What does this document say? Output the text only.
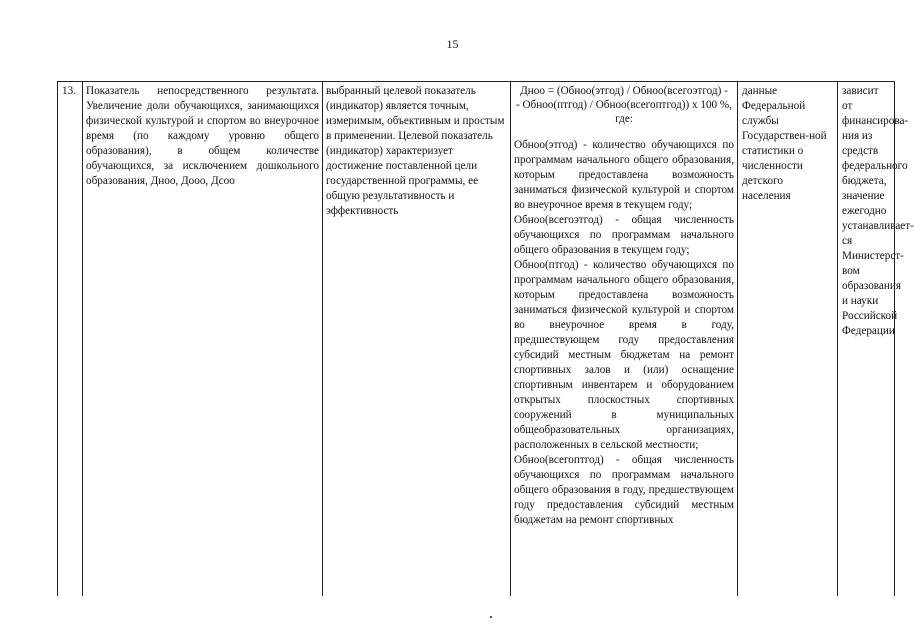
15
13. Показатель непосредственного результата. Увеличение доли обучающихся, занимающихся физической культурой и спортом во внеурочное время (по каждому уровню общего образования), в общем количестве обучающихся, за исключением дошкольного образования, Дноо, Дооо, Дсоо

выбранный целевой показатель (индикатор) является точным, измеримым, объективным и простым в применении. Целевой показатель (индикатор) характеризует достижение поставленной цели государственной программы, ее общую результативность и эффективность

Дноо = (Обноо(этгод) / Обноо(всегоэтгод) -
- Обноо(птгод) / Обноо(всегоптгод)) x 100 %,
где:

Обноо(этгод) - количество обучающихся по программам начального общего образования, которым предоставлена возможность заниматься физической культурой и спортом во внеурочное время в текущем году;

Обноо(всегоэтгод) - общая численность обучающихся по программам начального общего образования в текущем году;

Обноо(птгод) - количество обучающихся по программам начального общего образования, которым предоставлена возможность заниматься физической культурой и спортом во внеурочное время в году, предшествующем году предоставления субсидий местным бюджетам на ремонт спортивных залов и (или) оснащение спортивным инвентарем и оборудованием открытых плоскостных спортивных сооружений в муниципальных общеобразовательных организациях, расположенных в сельской местности;

Обноо(всегоптгод) - общая численность обучающихся по программам начального общего образования в году, предшествующем году предоставления субсидий местным бюджетам на ремонт спортивных

данные Федеральной службы Государствен-ной статистики о численности детского населения

зависит от финансирова-ния из средств федерального бюджета, значение ежегодно устанавливает-ся Министерст-вом образования и науки Российской Федерации
